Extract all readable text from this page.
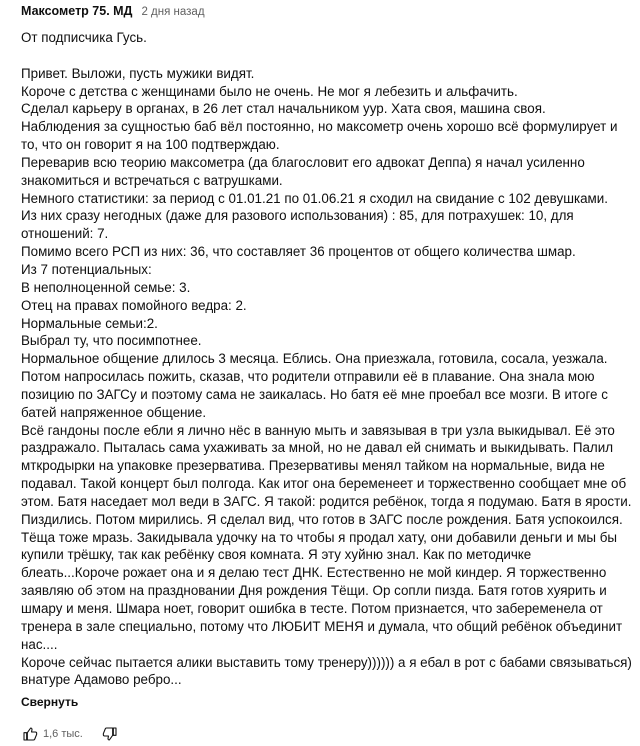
Максометр 75. МД 2 дня назад

От подписчика Гусь.

Привет. Выложи, пусть мужики видят.

Короче с детства с женщинами было не очень. Не мог я лебезить и альфачить.

Сделал карьеру в органах, в 26 лет стал начальником уур. Хата своя, машина своя.

Наблюдения за сущностью баб вёл постоянно, но максометр очень хорошо всё формулирует и то, что он говорит я на 100 подтверждаю.

Переварив всю теорию максометра (да благословит его адвокат Деппа) я начал усиленно знакомиться и встречаться с ватрушками.

Немного статистики: за период с 01.01.21 по 01.06.21 я сходил на свидание с 102 девушками.

Из них сразу негодных (даже для разового использования) : 85, для потрахушек: 10, для отношений: 7.

Помимо всего РСП из них: 36, что составляет 36 процентов от общего количества шмар.

Из 7 потенциальных:

В неполноценной семье: 3.

Отец на правах помойного ведра: 2.

Нормальные семьи:2.

Выбрал ту, что посимпотнее.

Нормальное общение длилось 3 месяца. Еблись. Она приезжала, готовила, сосала, уезжала. Потом напросилась пожить, сказав, что родители отправили её в плавание. Она знала мою позицию по ЗАГСу и поэтому сама не заикалась. Но батя её мне проебал все мозги. В итоге с батей напряженное общение.

Всё гандоны после ебли я лично нёс в ванную мыть и завязывая в три узла выкидывал. Её это раздражало. Пыталась сама ухаживать за мной, но не давал ей снимать и выкидывать. Палил мткродырки на упаковке презерватива. Презервативы менял тайком на нормальные, вида не подавал. Такой концерт был полгода. Как итог она беременеет и торжественно сообщает мне об этом. Батя наседает мол веди в ЗАГС. Я такой: родится ребёнок, тогда я подумаю. Батя в ярости. Пиздились. Потом мирились. Я сделал вид, что готов в ЗАГС после рождения. Батя успокоился. Тёща тоже мразь. Закидывала удочку на то чтобы я продал хату, они добавили деньги и мы бы купили трёшку, так как ребёнку своя комната. Я эту хуйню знал. Как по методичке блеать...Короче рожает она и я делаю тест ДНК. Естественно не мой киндер. Я торжественно заявляю об этом на праздновании Дня рождения Тёщи. Ор сопли пизда. Батя готов хуярить и шмару и меня. Шмара ноет, говорит ошибка в тесте. Потом признается, что забеременела от тренера в зале специально, потому что ЛЮБИТ МЕНЯ и думала, что общий ребёнок объединит нас....

Короче сейчас пытается алики выставить тому тренеру)))))) а я ебал в рот с бабами связываться) внатуре Адамово ребро...

Свернуть
1,6 тыс.
